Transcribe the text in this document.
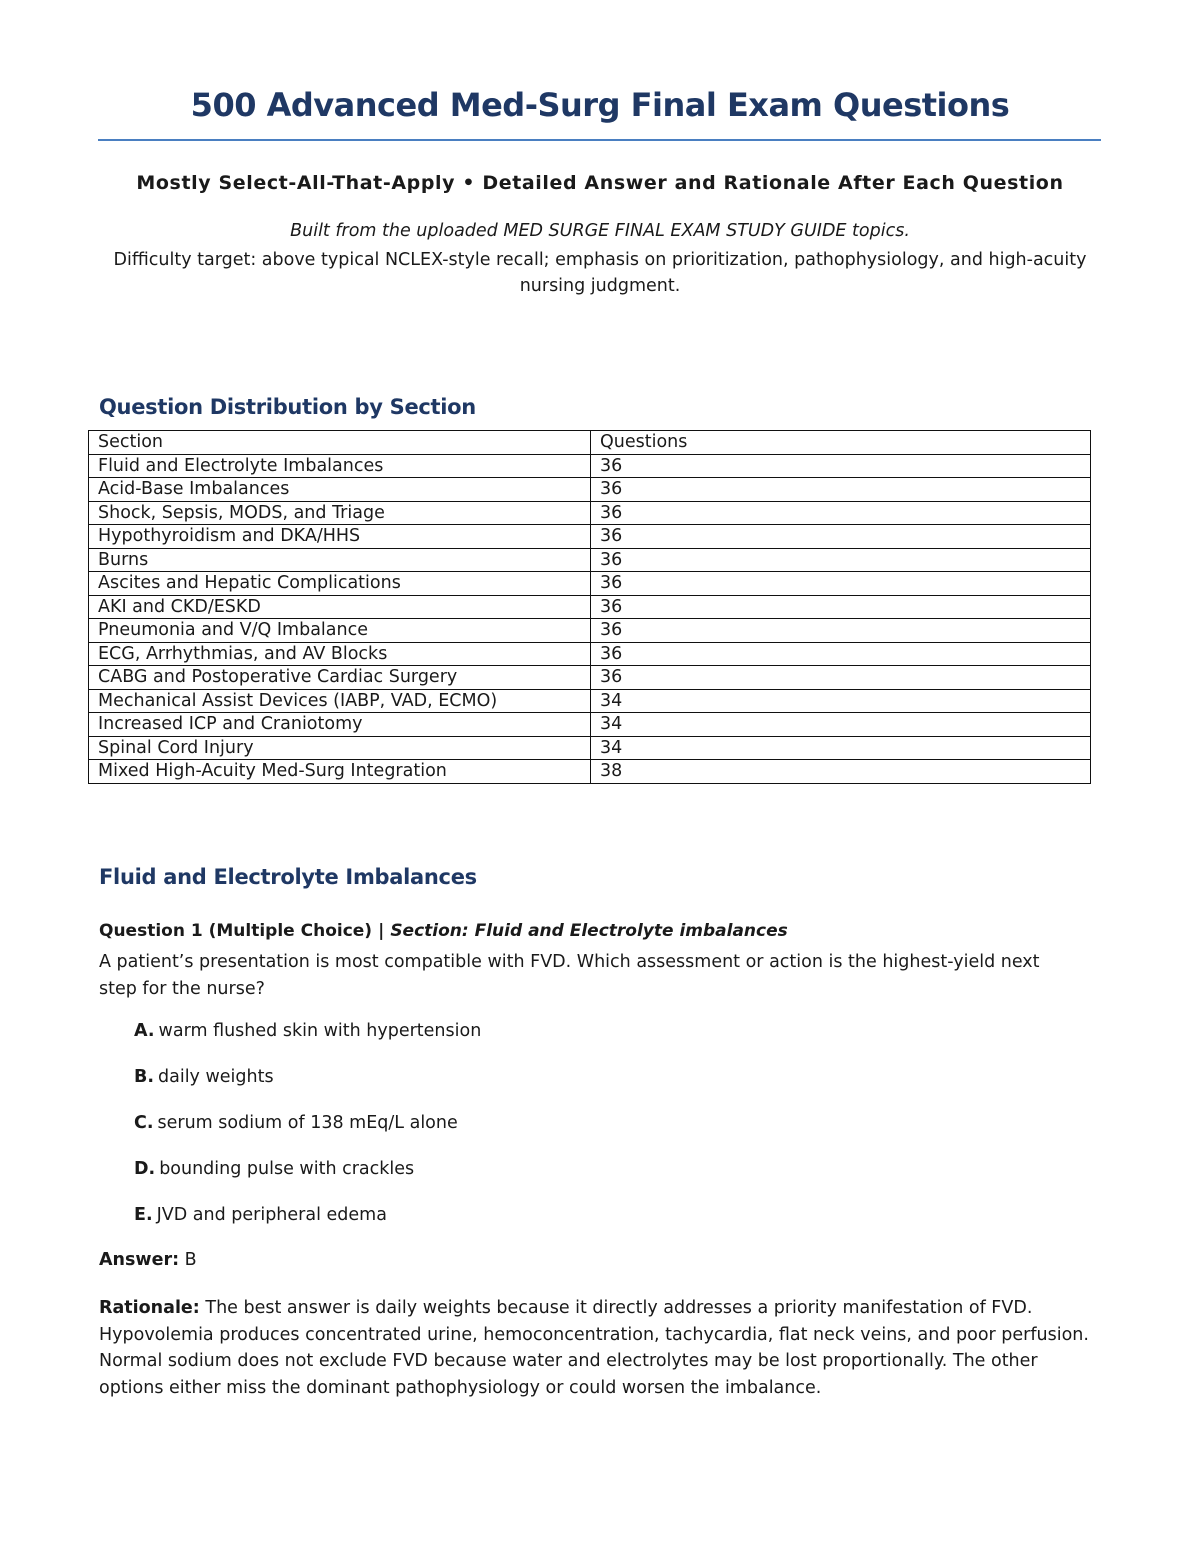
500 Advanced Med-Surg Final Exam Questions
Mostly Select-All-That-Apply • Detailed Answer and Rationale After Each Question
Built from the uploaded MED SURGE FINAL EXAM STUDY GUIDE topics.
Difficulty target: above typical NCLEX-style recall; emphasis on prioritization, pathophysiology, and high-acuity nursing judgment.
Question Distribution by Section
Section	Questions
Fluid and Electrolyte Imbalances	36
Acid-Base Imbalances	36
Shock, Sepsis, MODS, and Triage	36
Hypothyroidism and DKA/HHS	36
Burns	36
Ascites and Hepatic Complications	36
AKI and CKD/ESKD	36
Pneumonia and V/Q Imbalance	36
ECG, Arrhythmias, and AV Blocks	36
CABG and Postoperative Cardiac Surgery	36
Mechanical Assist Devices (IABP, VAD, ECMO)	34
Increased ICP and Craniotomy	34
Spinal Cord Injury	34
Mixed High-Acuity Med-Surg Integration	38
Fluid and Electrolyte Imbalances
Question 1 (Multiple Choice) | Section: Fluid and Electrolyte imbalances
A patient’s presentation is most compatible with FVD. Which assessment or action is the highest-yield next step for the nurse?
A. warm flushed skin with hypertension
B. daily weights
C. serum sodium of 138 mEq/L alone
D. bounding pulse with crackles
E. JVD and peripheral edema
Answer: B
Rationale: The best answer is daily weights because it directly addresses a priority manifestation of FVD. Hypovolemia produces concentrated urine, hemoconcentration, tachycardia, flat neck veins, and poor perfusion. Normal sodium does not exclude FVD because water and electrolytes may be lost proportionally. The other options either miss the dominant pathophysiology or could worsen the imbalance.
